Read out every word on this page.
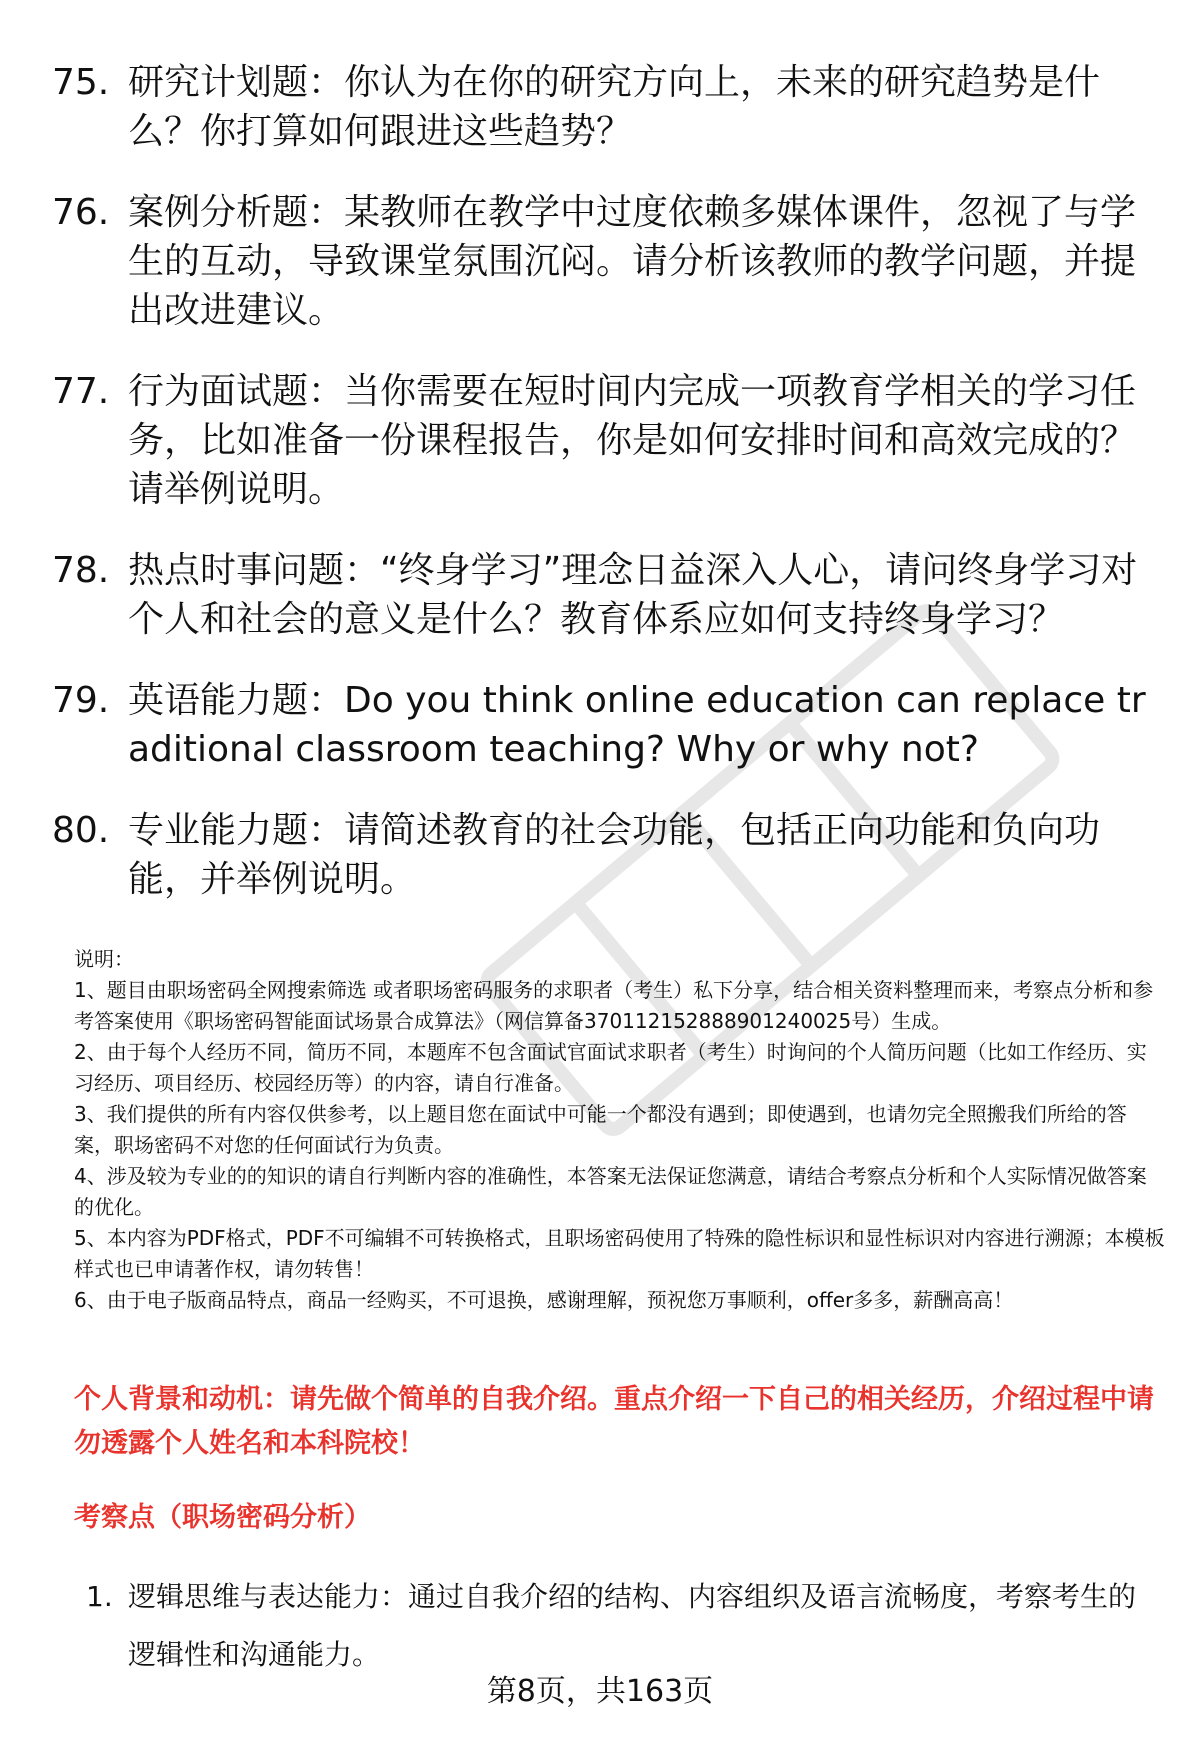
75. 研究计划题：你认为在你的研究方向上，未来的研究趋势是什么？你打算如何跟进这些趋势？
76. 案例分析题：某教师在教学中过度依赖多媒体课件，忽视了与学生的互动，导致课堂氛围沉闷。请分析该教师的教学问题，并提出改进建议。
77. 行为面试题：当你需要在短时间内完成一项教育学相关的学习任务，比如准备一份课程报告，你是如何安排时间和高效完成的？请举例说明。
78. 热点时事问题：“终身学习”理念日益深入人心，请问终身学习对个人和社会的意义是什么？教育体系应如何支持终身学习？
79. 英语能力题：Do you think online education can replace traditional classroom teaching? Why or why not?
80. 专业能力题：请简述教育的社会功能，包括正向功能和负向功能，并举例说明。

说明：

1、题目由职场密码全网搜索筛选 或者职场密码服务的求职者（考生）私下分享，结合相关资料整理而来，考察点分析和参考答案使用《职场密码智能面试场景合成算法》（网信算备370112152888901240025号）生成。

2、由于每个人经历不同，简历不同，本题库不包含面试官面试求职者（考生）时询问的个人简历问题（比如工作经历、实习经历、项目经历、校园经历等）的内容，请自行准备。

3、我们提供的所有内容仅供参考，以上题目您在面试中可能一个都没有遇到；即使遇到，也请勿完全照搬我们所给的答案，职场密码不对您的任何面试行为负责。

4、涉及较为专业的的知识的请自行判断内容的准确性，本答案无法保证您满意，请结合考察点分析和个人实际情况做答案的优化。

5、本内容为PDF格式，PDF不可编辑不可转换格式，且职场密码使用了特殊的隐性标识和显性标识对内容进行溯源；本模板样式也已申请著作权，请勿转售！

6、由于电子版商品特点，商品一经购买，不可退换，感谢理解，预祝您万事顺利，offer多多，薪酬高高！

个人背景和动机：请先做个简单的自我介绍。重点介绍一下自己的相关经历，介绍过程中请勿透露个人姓名和本科院校！

考察点（职场密码分析）

1. 逻辑思维与表达能力：通过自我介绍的结构、内容组织及语言流畅度，考察考生的逻辑性和沟通能力。
第8页，共163页
